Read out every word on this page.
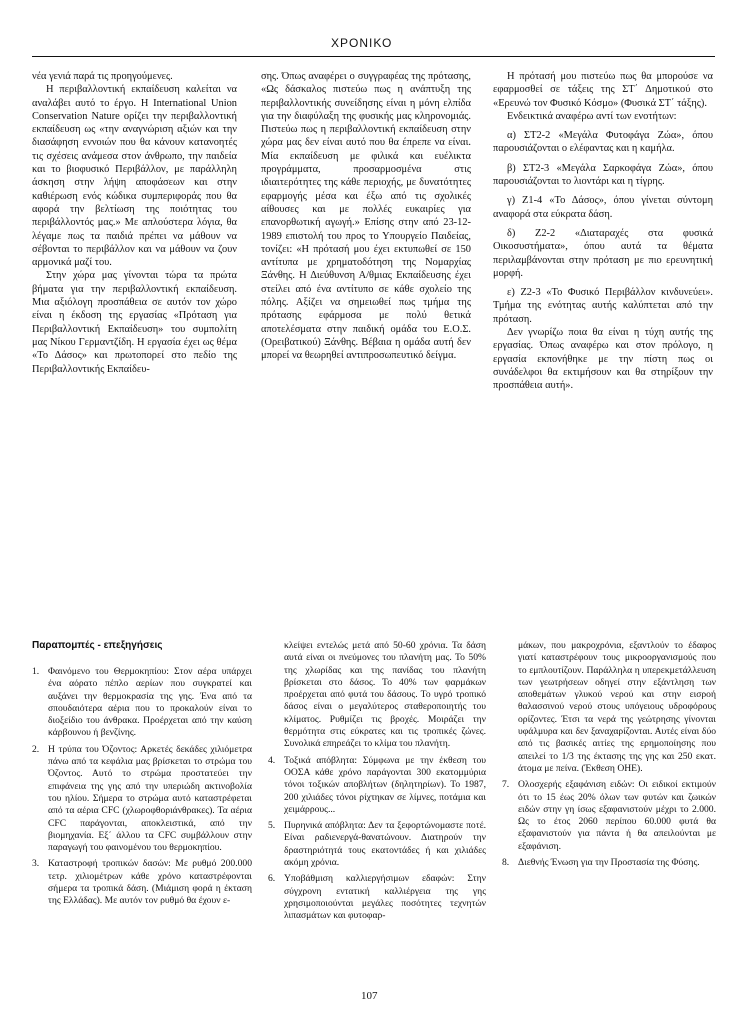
ΧΡΟΝΙΚΟ

νέα γενιά παρά τις προηγούμενες.

Η περιβαλλοντική εκπαίδευση καλείται να αναλάβει αυτό το έργο. Η International Union Conservation Nature ορίζει την περιβαλλοντική εκπαίδευση ως «την αναγνώριση αξιών και την διασάφηση εννοιών που θα κάνουν κατανοητές τις σχέσεις ανάμεσα στον άνθρωπο, την παιδεία και το βιοφυσικό Περιβάλλον, με παράλληλη άσκηση στην λήψη αποφάσεων και στην καθιέρωση ενός κώδικα συμπεριφοράς που θα αφορά την βελτίωση της ποιότητας του περιβάλλοντός μας.» Με απλούστερα λόγια, θα λέγαμε πως τα παιδιά πρέπει να μάθουν να σέβονται το περιβάλλον και να μάθουν να ζουν αρμονικά μαζί του.

Στην χώρα μας γίνονται τώρα τα πρώτα βήματα για την περιβαλλοντική εκπαίδευση. Μια αξιόλογη προσπάθεια σε αυτόν τον χώρο είναι η έκδοση της εργασίας «Πρόταση για Περιβαλλοντική Εκπαίδευση» του συμπολίτη μας Νίκου Γερμαντζίδη. Η εργασία έχει ως θέμα «Το Δάσος» και πρωτοπορεί στο πεδίο της Περιβαλλοντικής Εκπαίδευ-

σης. Όπως αναφέρει ο συγγραφέας της πρότασης, «Ως δάσκαλος πιστεύω πως η ανάπτυξη της περιβαλλοντικής συνείδησης είναι η μόνη ελπίδα για την διαφύλαξη της φυσικής μας κληρονομιάς. Πιστεύω πως η περιβαλλοντική εκπαίδευση στην χώρα μας δεν είναι αυτό που θα έπρεπε να είναι. Μία εκπαίδευση με φιλικά και ευέλικτα προγράμματα, προσαρμοσμένα στις ιδιαιτερότητες της κάθε περιοχής, με δυνατότητες εφαρμογής μέσα και έξω από τις σχολικές αίθουσες και με πολλές ευκαιρίες για επανορθωτική αγωγή.» Επίσης στην από 23-12-1989 επιστολή του προς το Υπουργείο Παιδείας, τονίζει: «Η πρότασή μου έχει εκτυπωθεί σε 150 αντίτυπα με χρηματοδότηση της Νομαρχίας Ξάνθης. Η Διεύθυνση Α/θμιας Εκπαίδευσης έχει στείλει από ένα αντίτυπο σε κάθε σχολείο της πόλης. Αξίζει να σημειωθεί πως τμήμα της πρότασης εφάρμοσα με πολύ θετικά αποτελέσματα στην παιδική ομάδα του Ε.Ο.Σ. (Ορειβατικού) Ξάνθης. Βέβαια η ομάδα αυτή δεν μπορεί να θεωρηθεί αντιπροσωπευτικό δείγμα.

Η πρότασή μου πιστεύω πως θα μπορούσε να εφαρμοσθεί σε τάξεις της ΣΤ΄ Δημοτικού στο «Ερευνώ τον Φυσικό Κόσμο» (Φυσικά ΣΤ΄ τάξης).

Ενδεικτικά αναφέρω αντί των ενοτήτων:

α) ΣΤ2-2 «Μεγάλα Φυτοφάγα Ζώα», όπου παρουσιάζονται ο ελέφαντας και η καμήλα.

β) ΣΤ2-3 «Μεγάλα Σαρκοφάγα Ζώα», όπου παρουσιάζονται το λιοντάρι και η τίγρης.

γ) Ζ1-4 «Το Δάσος», όπου γίνεται σύντομη αναφορά στα εύκρατα δάση.

δ) Ζ2-2 «Διαταραχές στα φυσικά Οικοσυστήματα», όπου αυτά τα θέματα περιλαμβάνονται στην πρόταση με πιο ερευνητική μορφή.

ε) Ζ2-3 «Το Φυσικό Περιβάλλον κινδυνεύει». Τμήμα της ενότητας αυτής καλύπτεται από την πρόταση.

Δεν γνωρίζω ποια θα είναι η τύχη αυτής της εργασίας. Όπως αναφέρω και στον πρόλογο, η εργασία εκπονήθηκε με την πίστη πως οι συνάδελφοι θα εκτιμήσουν και θα στηρίξουν την προσπάθεια αυτή».

Παραπομπές - επεξηγήσεις
1. Φαινόμενο του Θερμοκηπίου: Στον αέρα υπάρχει ένα αόρατο πέπλο αερίων που συγκρατεί και αυξάνει την θερμοκρασία της γης. Ένα από τα σπουδαιότερα αέρια που το προκαλούν είναι το διοξείδιο του άνθρακα. Προέρχεται από την καύση κάρβουνου ή βενζίνης.
2. Η τρύπα του Όζοντος: Αρκετές δεκάδες χιλιόμετρα πάνω από τα κεφάλια μας βρίσκεται το στρώμα του Όζοντος. Αυτό το στρώμα προστατεύει την επιφάνεια της γης από την υπεριώδη ακτινοβολία του ηλίου. Σήμερα το στρώμα αυτό καταστρέφεται από τα αέρια CFC (χλωροφθοριάνθρακες). Τα αέρια CFC παράγονται, αποκλειστικά, από την βιομηχανία. Εξ΄ άλλου τα CFC συμβάλλουν στην παραγωγή του φαινομένου του θερμοκηπίου.
3. Καταστροφή τροπικών δασών: Με ρυθμό 200.000 τετρ. χιλιομέτρων κάθε χρόνο καταστρέφονται σήμερα τα τροπικά δάση. (Μιάμιση φορά η έκταση της Ελλάδας). Με αυτόν τον ρυθμό θα έχουν ε-
κλείψει εντελώς μετά από 50-60 χρόνια. Τα δάση αυτά είναι οι πνεύμονες του πλανήτη μας. Το 50% της χλωρίδας και της πανίδας του πλανήτη βρίσκεται στο δάσος. Το 40% των φαρμάκων προέρχεται από φυτά του δάσους. Το υγρό τροπικό δάσος είναι ο μεγαλύτερος σταθεροποιητής του κλίματος. Ρυθμίζει τις βροχές. Μοιράζει την θερμότητα στις εύκρατες και τις τροπικές ζώνες. Συνολικά επηρεάζει το κλίμα του πλανήτη.
4. Τοξικά απόβλητα: Σύμφωνα με την έκθεση του ΟΟΣΑ κάθε χρόνο παράγονται 300 εκατομμύρια τόνοι τοξικών αποβλήτων (δηλητηρίων). Το 1987, 200 χιλιάδες τόνοι ρίχτηκαν σε λίμνες, ποτάμια και χειμάρρους...
5. Πυρηνικά απόβλητα: Δεν τα ξεφορτώνομαστε ποτέ. Είναι ραδιενεργά-θανατώνουν. Διατηρούν την δραστηριότητά τους εκατοντάδες ή και χιλιάδες ακόμη χρόνια.
6. Υποβάθμιση καλλιεργήσιμων εδαφών: Στην σύγχρονη εντατική καλλιέργεια της γης χρησιμοποιούνται μεγάλες ποσότητες τεχνητών λιπασμάτων και φυτοφαρ-
μάκων, που μακροχρόνια, εξαντλούν το έδαφος γιατί καταστρέφουν τους μικροοργανισμούς που το εμπλουτίζουν. Παράλληλα η υπερεκμετάλλευση των γεωτρήσεων οδηγεί στην εξάντληση των αποθεμάτων γλυκού νερού και στην εισροή θαλασσινού νερού στους υπόγειους υδροφόρους ορίζοντες. Έτσι τα νερά της γεώτρησης γίνονται υφάλμυρα και δεν ξαναχαρίζονται. Αυτές είναι δύο από τις βασικές αιτίες της ερημοποίησης που απειλεί το 1/3 της έκτασης της γης και 250 εκατ. άτομα με πείνα. (Έκθεση ΟΗΕ).
7. Ολοσχερής εξαφάνιση ειδών: Οι ειδικοί εκτιμούν ότι το 15 έως 20% όλων των φυτών και ζωικών ειδών στην γη ίσως εξαφανιστούν μέχρι το 2.000. Ως το έτος 2060 περίπου 60.000 φυτά θα εξαφανιστούν για πάντα ή θα απειλούνται με εξαφάνιση.
8. Διεθνής Ένωση για την Προστασία της Φύσης.
107
